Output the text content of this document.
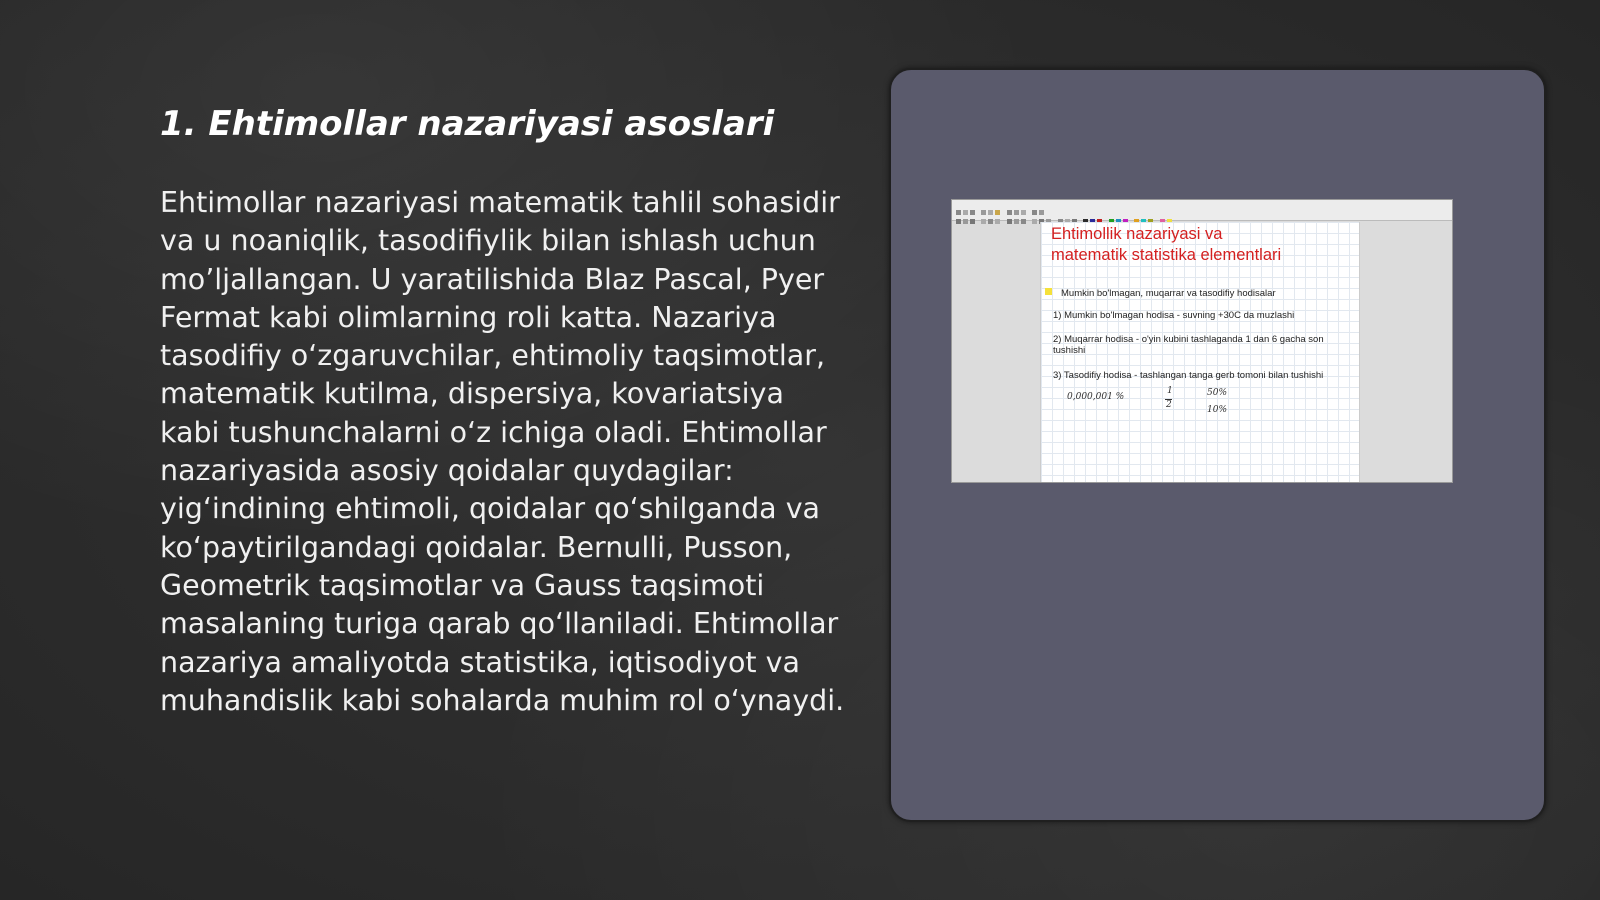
1. Ehtimollar nazariyasi asoslari

Ehtimollar nazariyasi matematik tahlil sohasidir va u noaniqlik, tasodifiylik bilan ishlash uchun mo’ljallangan. U yaratilishida Blaz Pascal, Pyer Fermat kabi olimlarning roli katta. Nazariya tasodifiy o‘zgaruvchilar, ehtimoliy taqsimotlar, matematik kutilma, dispersiya, kovariatsiya kabi tushunchalarni o‘z ichiga oladi. Ehtimollar nazariyasida asosiy qoidalar quydagilar: yig‘indining ehtimoli, qoidalar qo‘shilganda va ko‘paytirilgandagi qoidalar. Bernulli, Pusson, Geometrik taqsimotlar va Gauss taqsimoti masalaning turiga qarab qo‘llaniladi. Ehtimollar nazariya amaliyotda statistika, iqtisodiyot va muhandislik kabi sohalarda muhim rol o‘ynaydi.

Ehtimollik nazariyasi va
matematik statistika elementlari
Mumkin bo'lmagan, muqarrar va tasodifiy hodisalar
1) Mumkin bo'lmagan hodisa - suvning +30C da muzlashi
2) Muqarrar hodisa - o'yin kubini tashlaganda 1 dan 6 gacha son tushishi
3) Tasodifiy hodisa - tashlangan tanga gerb tomoni bilan tushishi
0,000,001 %
1
2
50%
10%
